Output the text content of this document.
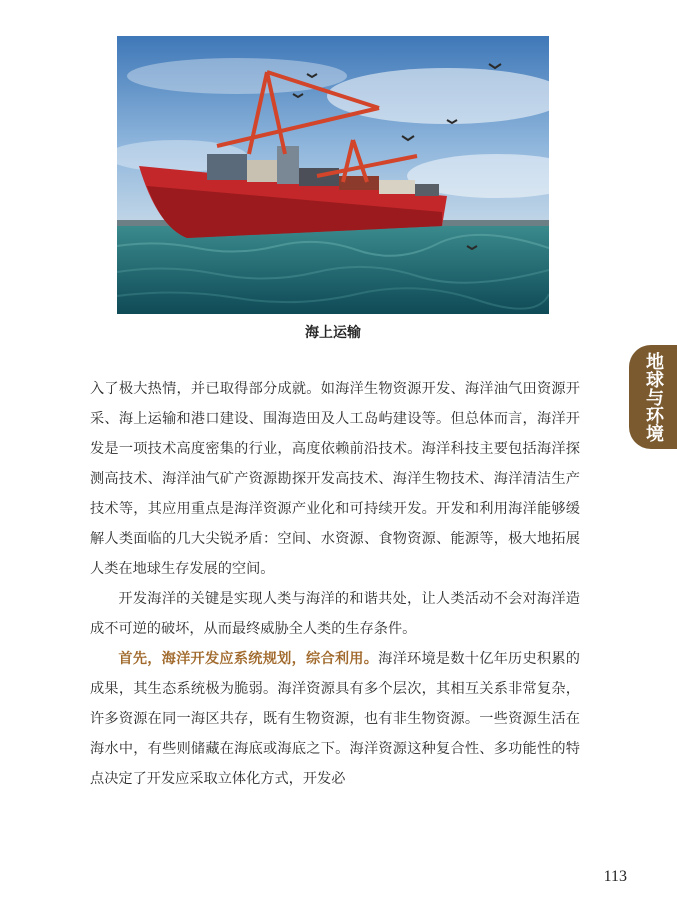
海上运输
地球与环境

入了极大热情，并已取得部分成就。如海洋生物资源开发、海洋油气田资源开采、海上运输和港口建设、围海造田及人工岛屿建设等。但总体而言，海洋开发是一项技术高度密集的行业，高度依赖前沿技术。海洋科技主要包括海洋探测高技术、海洋油气矿产资源勘探开发高技术、海洋生物技术、海洋清洁生产技术等，其应用重点是海洋资源产业化和可持续开发。开发和利用海洋能够缓解人类面临的几大尖锐矛盾：空间、水资源、食物资源、能源等，极大地拓展人类在地球生存发展的空间。

开发海洋的关键是实现人类与海洋的和谐共处，让人类活动不会对海洋造成不可逆的破坏，从而最终威胁全人类的生存条件。

首先，海洋开发应系统规划，综合利用。海洋环境是数十亿年历史积累的成果，其生态系统极为脆弱。海洋资源具有多个层次，其相互关系非常复杂，许多资源在同一海区共存，既有生物资源，也有非生物资源。一些资源生活在海水中，有些则储藏在海底或海底之下。海洋资源这种复合性、多功能性的特点决定了开发应采取立体化方式，开发必

113
